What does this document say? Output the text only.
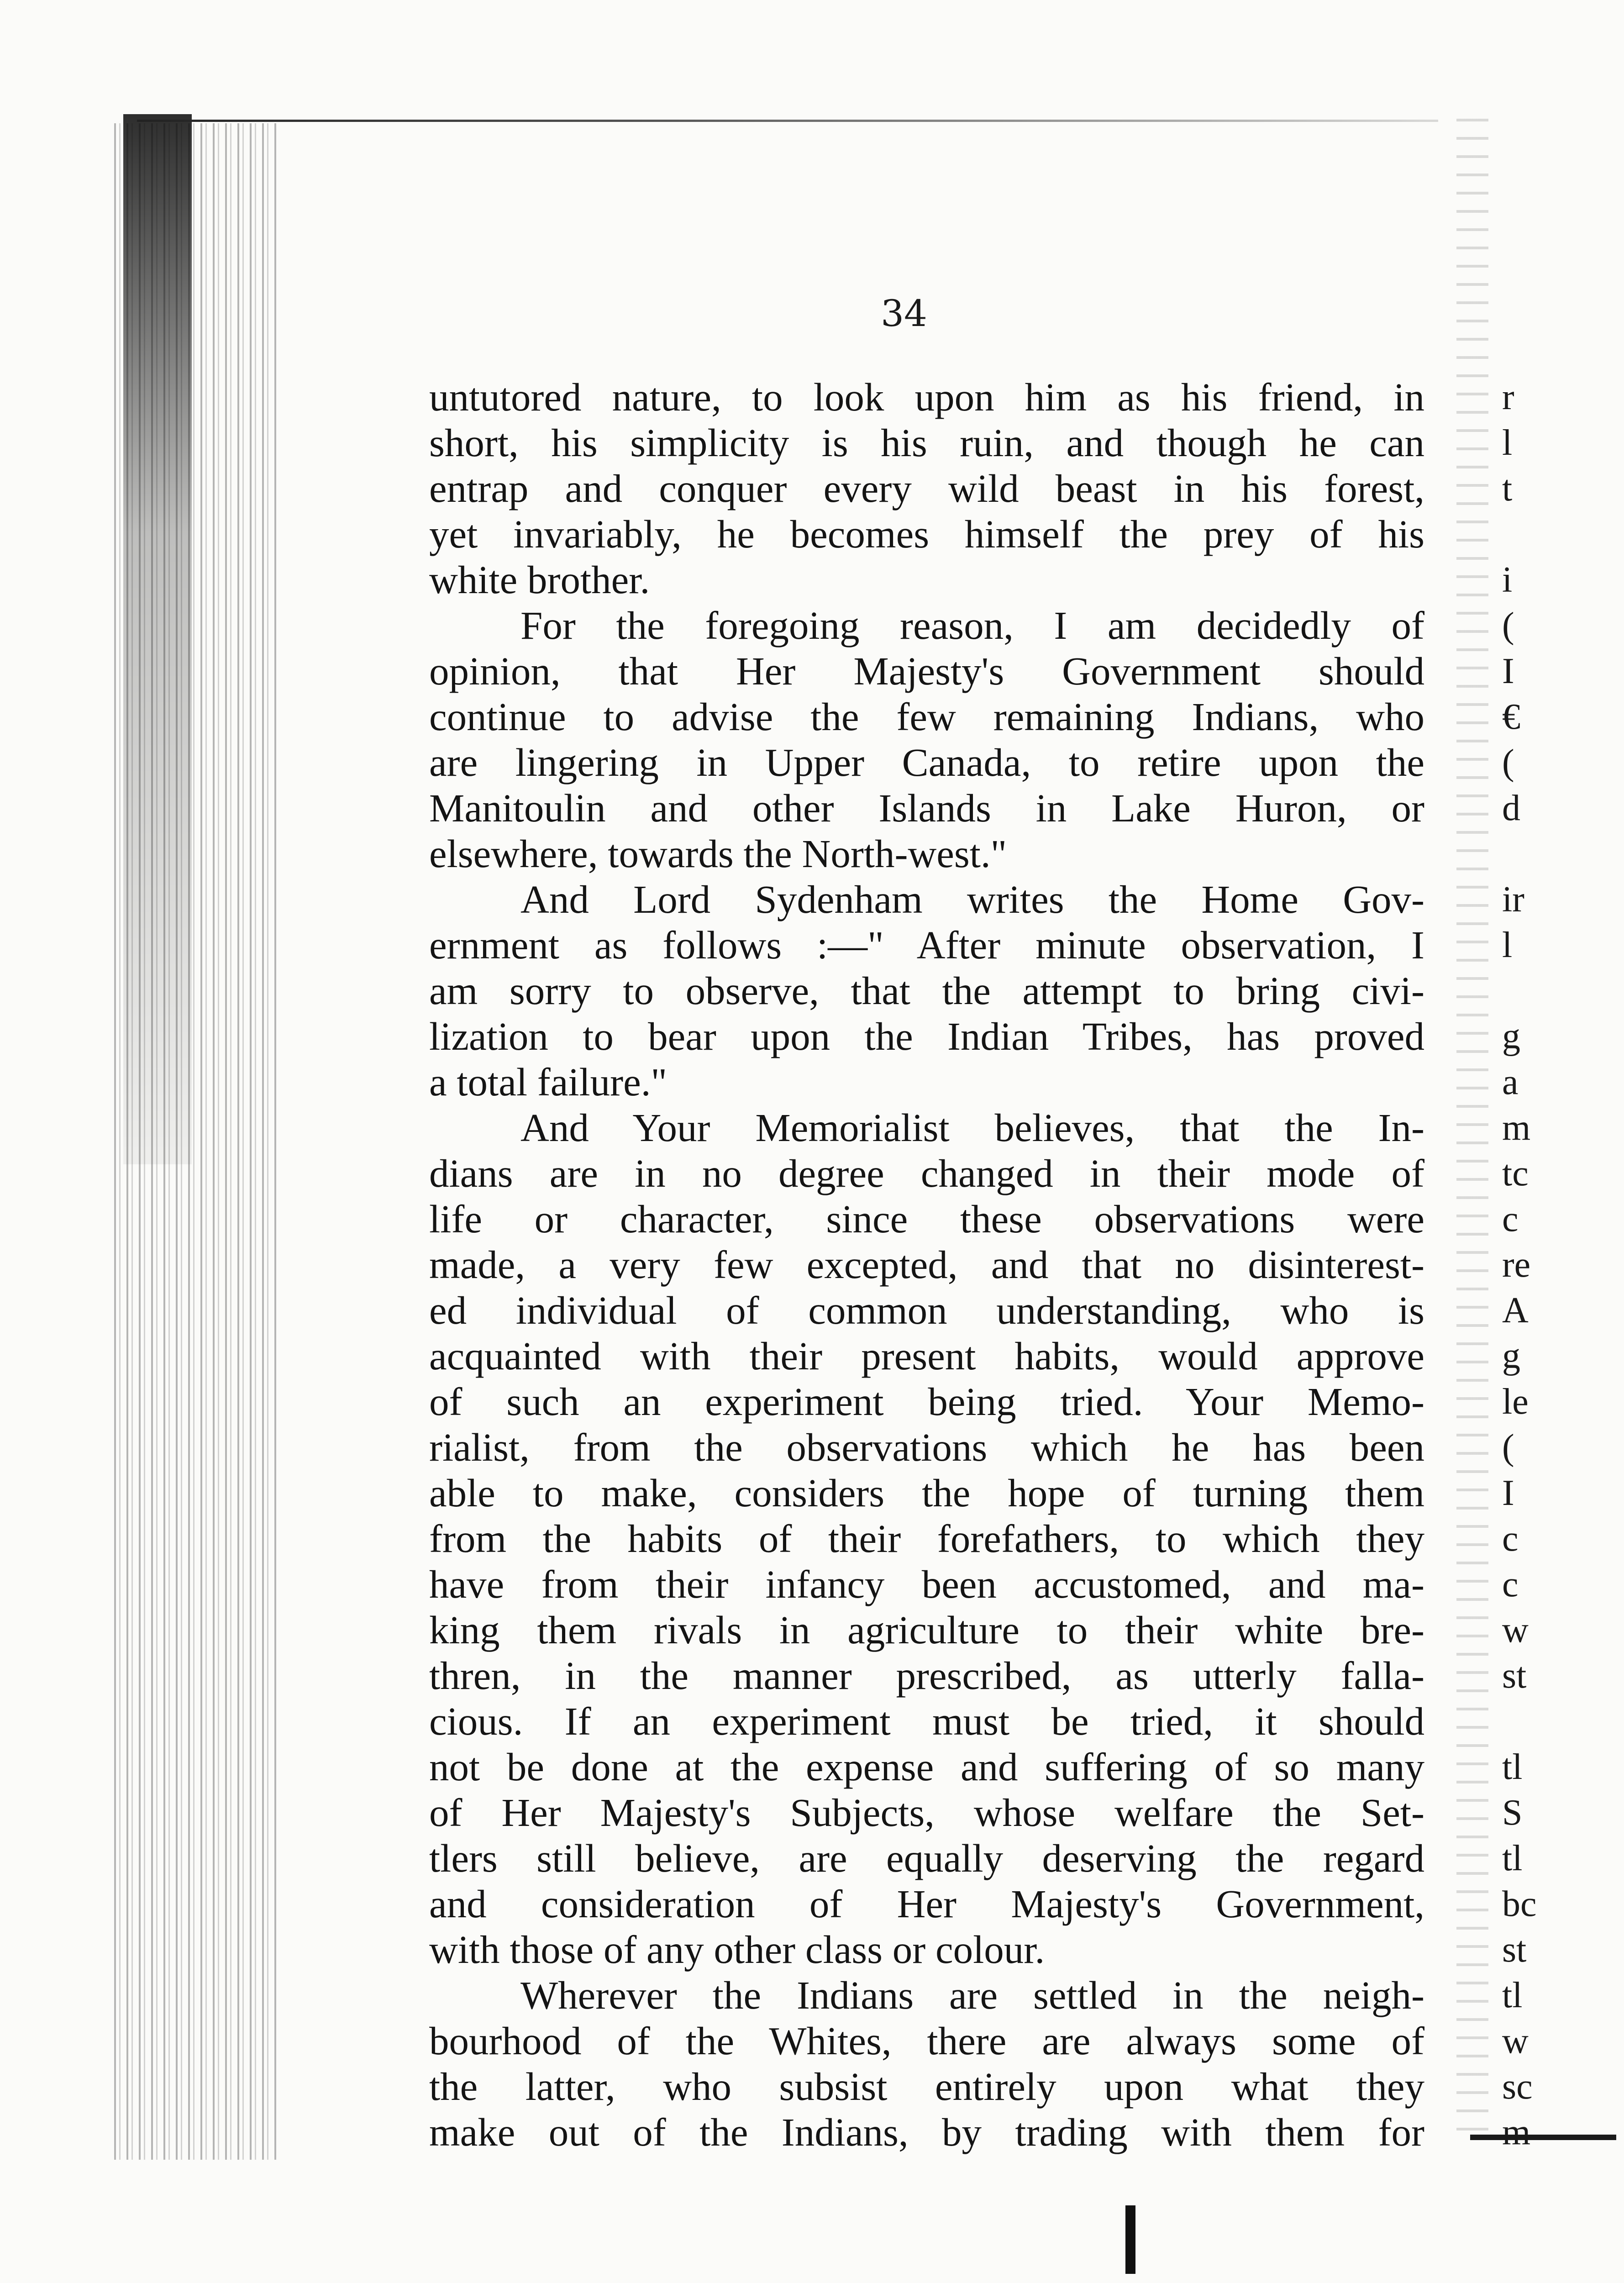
34
untutored nature, to look upon him as his friend, in
short, his simplicity is his ruin, and though he can
entrap and conquer every wild beast in his forest,
yet invariably, he becomes himself the prey of his
white brother.
For the foregoing reason, I am decidedly of
opinion, that Her Majesty's Government should
continue to advise the few remaining Indians, who
are lingering in Upper Canada, to retire upon the
Manitoulin and other Islands in Lake Huron, or
elsewhere, towards the North-west."
And Lord Sydenham writes the Home Gov-
ernment as follows :—" After minute observation, I
am sorry to observe, that the attempt to bring civi-
lization to bear upon the Indian Tribes, has proved
a total failure."
And Your Memorialist believes, that the In-
dians are in no degree changed in their mode of
life or character, since these observations were
made, a very few excepted, and that no disinterest-
ed individual of common understanding, who is
acquainted with their present habits, would approve
of such an experiment being tried. Your Memo-
rialist, from the observations which he has been
able to make, considers the hope of turning them
from the habits of their forefathers, to which they
have from their infancy been accustomed, and ma-
king them rivals in agriculture to their white bre-
thren, in the manner prescribed, as utterly falla-
cious. If an experiment must be tried, it should
not be done at the expense and suffering of so many
of Her Majesty's Subjects, whose welfare the Set-
tlers still believe, are equally deserving the regard
and consideration of Her Majesty's Government,
with those of any other class or colour.
Wherever the Indians are settled in the neigh-
bourhood of the Whites, there are always some of
the latter, who subsist entirely upon what they
make out of the Indians, by trading with them for
r
l
t
i
(
I
€
(
d
ir
l
g
a
m
tc
c
re
A
g
le
(
I
c
c
w
st
tl
S
tl
bc
st
tl
w
sc
m
